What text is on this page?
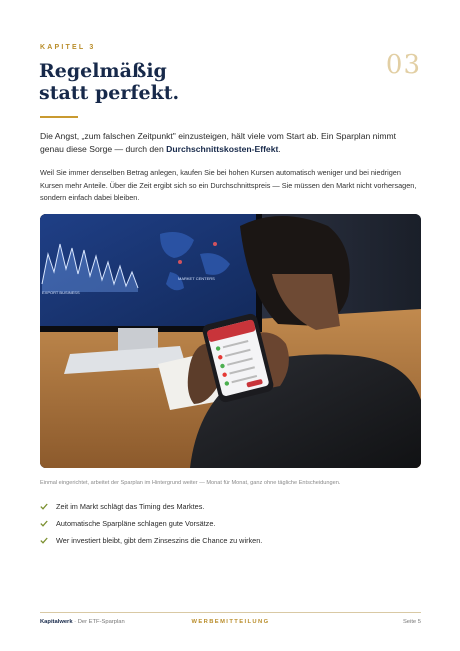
KAPITEL 3
03
Regelmäßig
statt perfekt.

Die Angst, „zum falschen Zeitpunkt" einzusteigen, hält viele vom Start ab. Ein Sparplan nimmt genau diese Sorge — durch den Durchschnittskosten-Effekt.

Weil Sie immer denselben Betrag anlegen, kaufen Sie bei hohen Kursen automatisch weniger und bei niedrigen Kursen mehr Anteile. Über die Zeit ergibt sich so ein Durchschnittspreis — Sie müssen den Markt nicht vorhersagen, sondern einfach dabei bleiben.

EXPORT BUSINESS
MARKET CENTERS

Einmal eingerichtet, arbeitet der Sparplan im Hintergrund weiter — Monat für Monat, ganz ohne tägliche Entscheidungen.

Zeit im Markt schlägt das Timing des Marktes.
Automatische Sparpläne schlagen gute Vorsätze.
Wer investiert bleibt, gibt dem Zinseszins die Chance zu wirken.
Kapitalwerk · Der ETF-Sparplan	WERBEMITTEILUNG	Seite 5
